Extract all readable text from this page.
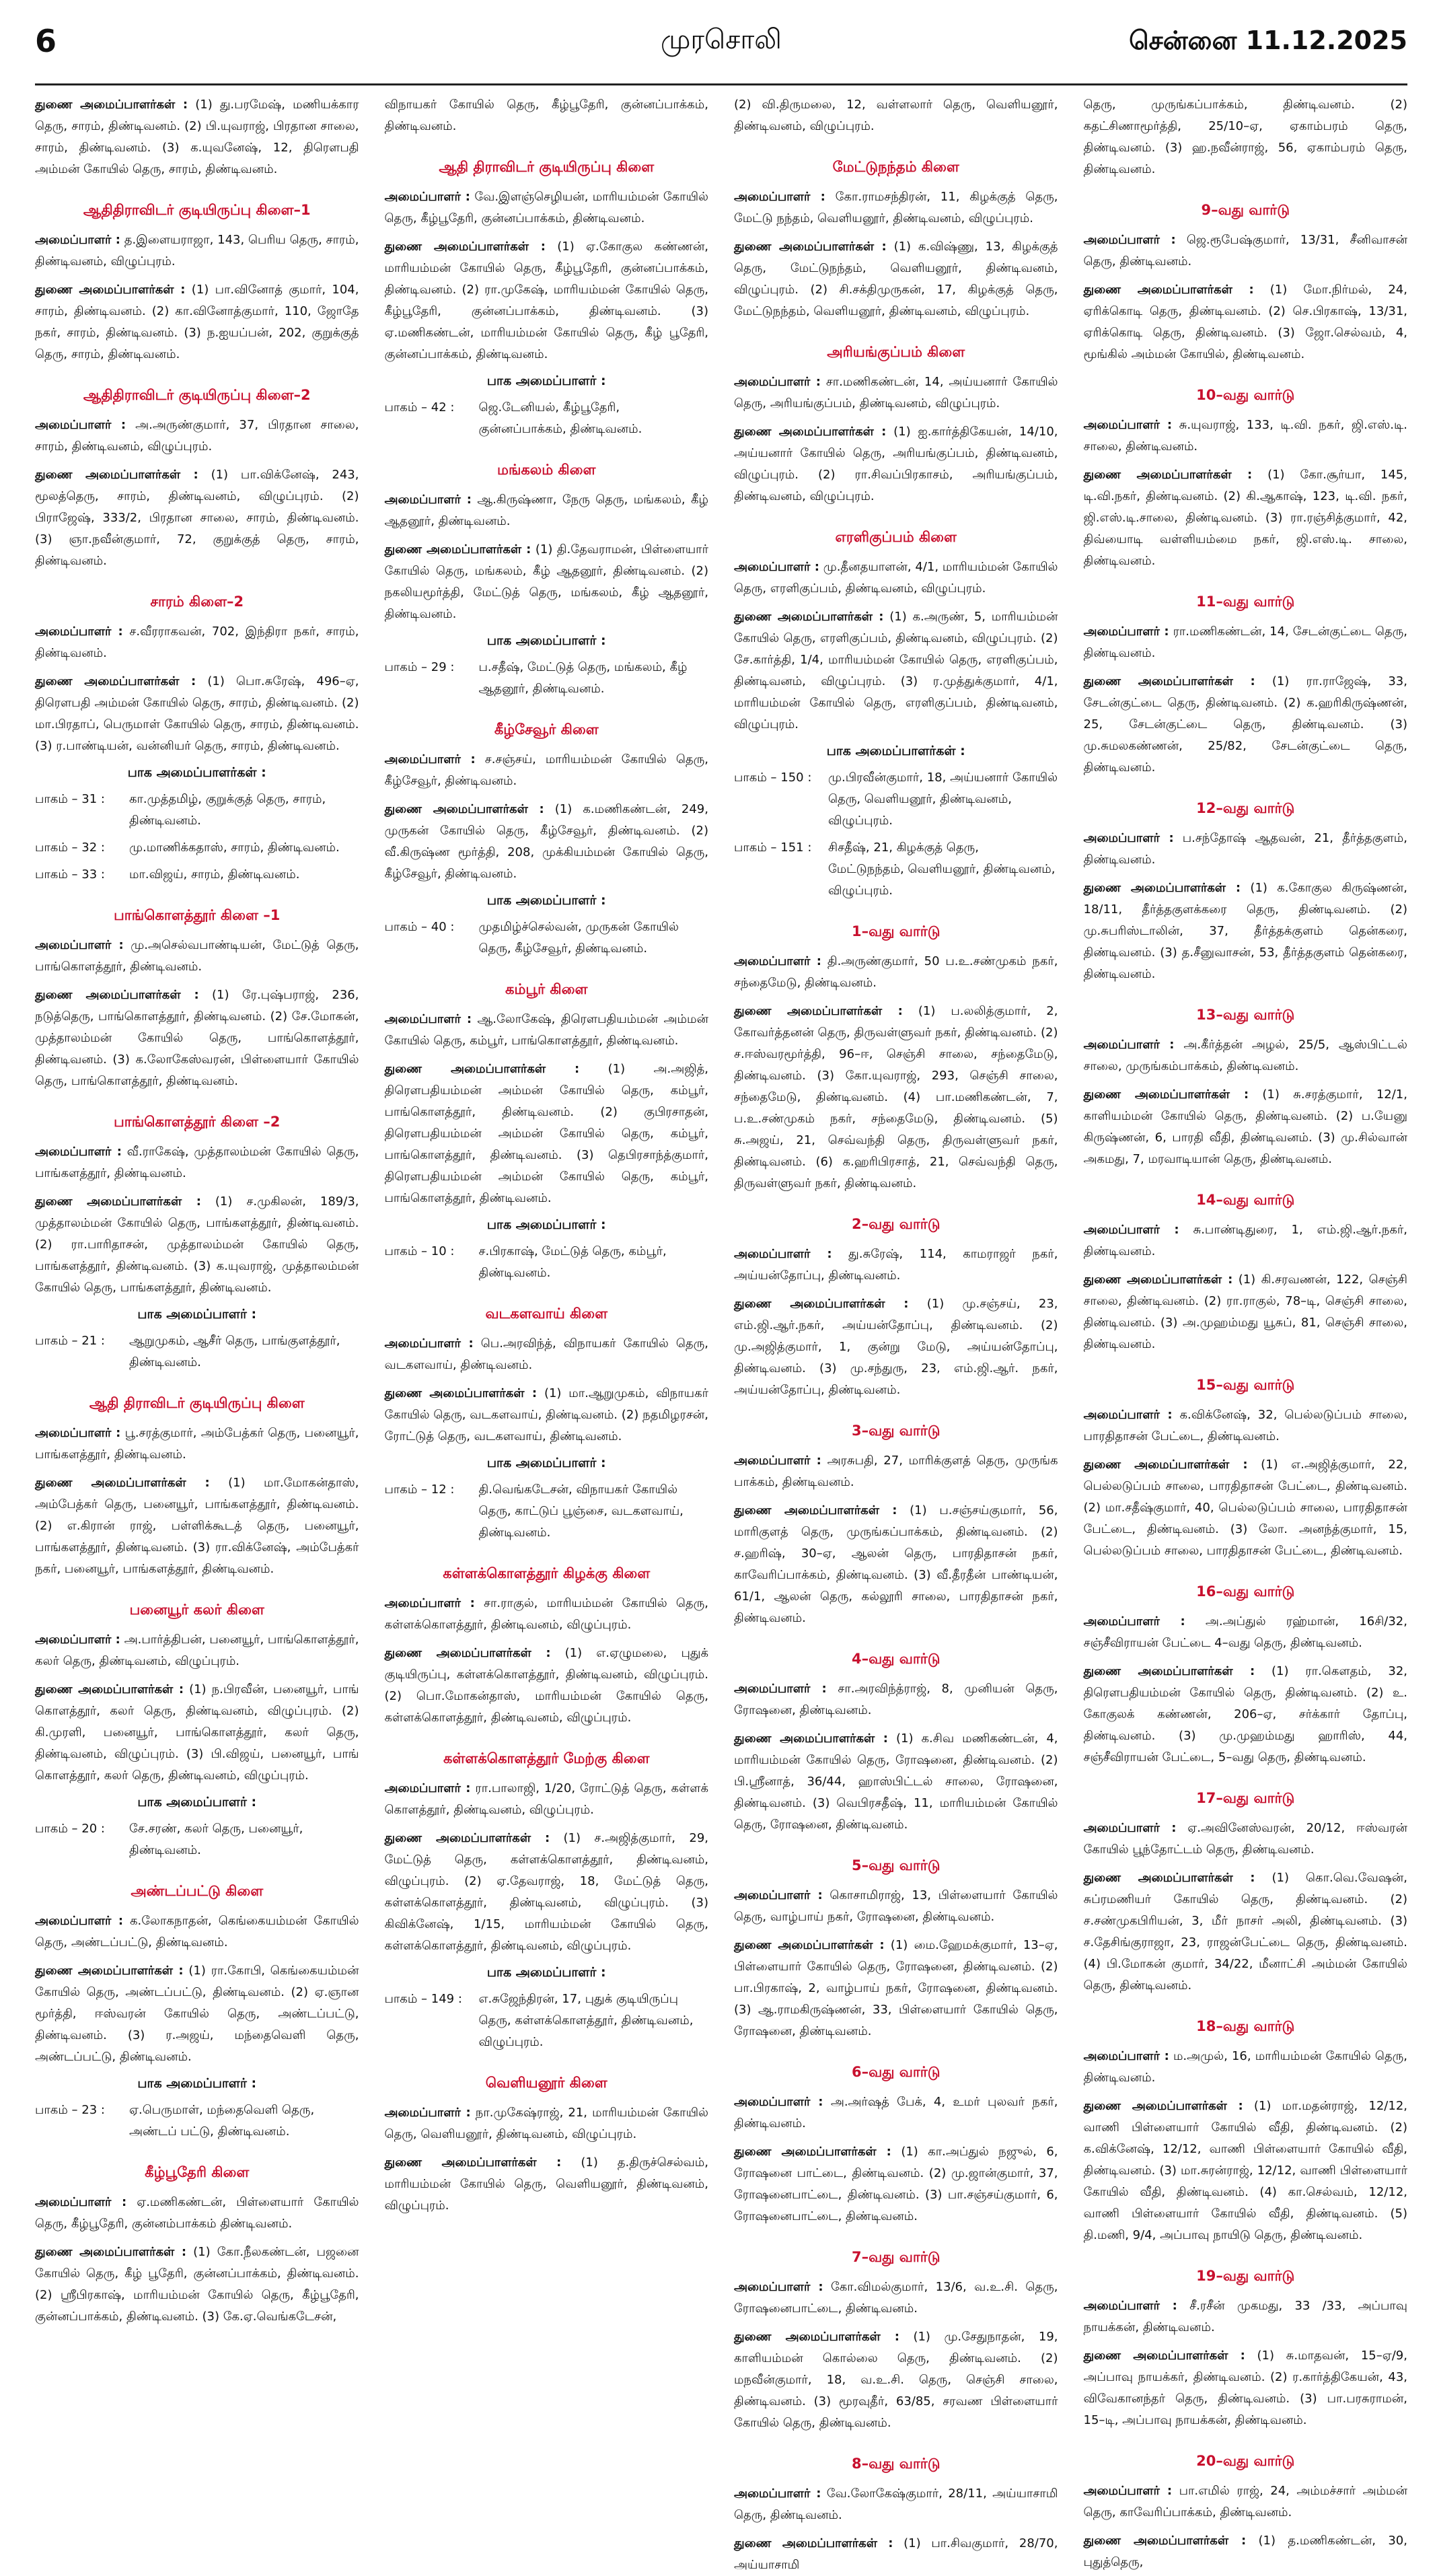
6	முரசொலி	சென்னை 11.12.2025

துணை அமைப்பாளர்கள் : (1) து.பரமேஷ், மணியக்கார தெரு, சாரம், திண்டிவனம். (2) பி.யுவராஜ், பிரதான சாலை, சாரம், திண்டிவனம். (3) க.யுவனேஷ், 12, திரௌபதி அம்மன் கோயில் தெரு, சாரம், திண்டிவனம்.

ஆதிதிராவிடர் குடியிருப்பு கிளை–1

அமைப்பாளர் : த.இளையராஜா, 143, பெரிய தெரு, சாரம், திண்டிவனம், விழுப்புரம்.

துணை அமைப்பாளர்கள் : (1) பா.வினோத் குமார், 104, சாரம், திண்டிவனம். (2) கா.வினோத்குமார், 110, ஜோதே நகர், சாரம், திண்டிவனம். (3) ந.ஐயப்பன், 202, குறுக்குத் தெரு, சாரம், திண்டிவனம்.

ஆதிதிராவிடர் குடியிருப்பு கிளை–2

அமைப்பாளர் : அ.அருண்குமார், 37, பிரதான சாலை, சாரம், திண்டிவனம், விழுப்புரம்.

துணை அமைப்பாளர்கள் : (1) பா.விக்னேஷ், 243, மூலத்தெரு, சாரம், திண்டிவனம், விழுப்புரம். (2) பிராஜேஷ், 333/2, பிரதான சாலை, சாரம், திண்டிவனம். (3) ஞா.நவீன்குமார், 72, குறுக்குத் தெரு, சாரம், திண்டிவனம்.

சாரம் கிளை–2

அமைப்பாளர் : ச.வீரராகவன், 702, இந்திரா நகர், சாரம், திண்டிவனம்.

துணை அமைப்பாளர்கள் : (1) பொ.சுரேஷ், 496–ஏ, திரௌபதி அம்மன் கோயில் தெரு, சாரம், திண்டிவனம். (2) மா.பிரதாப், பெருமாள் கோயில் தெரு, சாரம், திண்டிவனம். (3) ர.பாண்டியன், வன்னியர் தெரு, சாரம், திண்டிவனம்.

பாக அமைப்பாளர்கள் :
பாகம் – 31 :	கா.முத்தமிழ், குறுக்குத் தெரு, சாரம், திண்டிவனம்.
பாகம் – 32 :	மு.மாணிக்கதாஸ், சாரம், திண்டிவனம்.
பாகம் – 33 :	மா.விஜய், சாரம், திண்டிவனம்.
பாங்கொளத்தூர் கிளை –1

அமைப்பாளர் : மு.அசெல்வபாண்டியன், மேட்டுத் தெரு, பாங்கொளத்தூர், திண்டிவனம்.

துணை அமைப்பாளர்கள் : (1) ரே.புஷ்பராஜ், 236, நடுத்தெரு, பாங்கொளத்தூர், திண்டிவனம். (2) சே.மோகன், முத்தாலம்மன் கோயில் தெரு, பாங்கொளத்தூர், திண்டிவனம். (3) க.லோகேஸ்வரன், பிள்ளையார் கோயில் தெரு, பாங்கொளத்தூர், திண்டிவனம்.

பாங்கொளத்தூர் கிளை –2

அமைப்பாளர் : வீ.ராகேஷ், முத்தாலம்மன் கோயில் தெரு, பாங்களத்தூர், திண்டிவனம்.

துணை அமைப்பாளர்கள் : (1) ச.முகிலன், 189/3, முத்தாலம்மன் கோயில் தெரு, பாங்களத்தூர், திண்டிவனம். (2) ரா.பாரிதாசன், முத்தாலம்மன் கோயில் தெரு, பாங்களத்தூர், திண்டிவனம். (3) க.யுவராஜ், முத்தாலம்மன் கோயில் தெரு, பாங்களத்தூர், திண்டிவனம்.

பாக அமைப்பாளர் :
பாகம் – 21 :	ஆறுமுகம், ஆசீர் தெரு, பாங்குளத்தூர், திண்டிவனம்.
ஆதி திராவிடர் குடியிருப்பு கிளை

அமைப்பாளர் : பூ.சரத்குமார், அம்பேத்கர் தெரு, பனையூர், பாங்களத்தூர், திண்டிவனம்.

துணை அமைப்பாளர்கள் : (1) மா.மோகன்தாஸ், அம்பேத்கர் தெரு, பனையூர், பாங்களத்தூர், திண்டிவனம். (2) எ.கிரான் ராஜ், பள்ளிக்கூடத் தெரு, பனையூர், பாங்களத்தூர், திண்டிவனம். (3) ரா.விக்னேஷ், அம்பேத்கர் நகர், பனையூர், பாங்களத்தூர், திண்டிவனம்.

பனையூர் கலர் கிளை

அமைப்பாளர் : அ.பார்த்திபன், பனையூர், பாங்கொளத்தூர், கலர் தெரு, திண்டிவனம், விழுப்புரம்.

துணை அமைப்பாளர்கள் : (1) ந.பிரவீன், பனையூர், பாங் கொளத்தூர், கலர் தெரு, திண்டிவனம், விழுப்புரம். (2) கி.முரளி, பனையூர், பாங்கொளத்தூர், கலர் தெரு, திண்டிவனம், விழுப்புரம். (3) பி.விஜய், பனையூர், பாங் கொளத்தூர், கலர் தெரு, திண்டிவனம், விழுப்புரம்.

பாக அமைப்பாளர் :
பாகம் – 20 :	சே.சரண், கலர் தெரு, பனையூர், திண்டிவனம்.
அண்டப்பட்டு கிளை

அமைப்பாளர் : க.லோகநாதன், கெங்கையம்மன் கோயில் தெரு, அண்டப்பட்டு, திண்டிவனம்.

துணை அமைப்பாளர்கள் : (1) ரா.கோபி, கெங்கையம்மன் கோயில் தெரு, அண்டப்பட்டு, திண்டிவனம். (2) ஏ.ஞான மூர்த்தி, ஈஸ்வரன் கோயில் தெரு, அண்டப்பட்டு, திண்டிவனம். (3) ர.அஜய், மந்தைவெளி தெரு, அண்டப்பட்டு, திண்டிவனம்.

பாக அமைப்பாளர் :
பாகம் – 23 :	ஏ.பெருமாள், மந்தைவெளி தெரு, அண்டப் பட்டு, திண்டிவனம்.
கீழ்பூதேரி கிளை

அமைப்பாளர் : ஏ.மணிகண்டன், பிள்ளையார் கோயில் தெரு, கீழ்பூதேரி, குன்னம்பாக்கம் திண்டிவனம்.

துணை அமைப்பாளர்கள் : (1) கோ.நீலகண்டன், பஜனை கோயில் தெரு, கீழ் பூதேரி, குன்னப்பாக்கம், திண்டிவனம். (2) ஸ்ரீபிரகாஷ், மாரியம்மன் கோயில் தெரு, கீழ்பூதேரி, குன்னப்பாக்கம், திண்டிவனம். (3) கே.ஏ.வெங்கடேசன்,

விநாயகர் கோயில் தெரு, கீழ்பூதேரி, குன்னப்பாக்கம், திண்டிவனம்.

ஆதி திராவிடர் குடியிருப்பு கிளை

அமைப்பாளர் : வே.இளஞ்செழியன், மாரியம்மன் கோயில் தெரு, கீழ்பூதேரி, குன்னப்பாக்கம், திண்டிவனம்.

துணை அமைப்பாளர்கள் : (1) ஏ.கோகுல கண்ணன், மாரியம்மன் கோயில் தெரு, கீழ்பூதேரி, குன்னப்பாக்கம், திண்டிவனம். (2) ரா.முகேஷ், மாரியம்மன் கோயில் தெரு, கீழ்பூதேரி, குன்னப்பாக்கம், திண்டிவனம். (3) ஏ.மணிகண்டன், மாரியம்மன் கோயில் தெரு, கீழ் பூதேரி, குன்னப்பாக்கம், திண்டிவனம்.

பாக அமைப்பாளர் :
பாகம் – 42 :	ஜெ.டேனியல், கீழ்பூதேரி, குன்னப்பாக்கம், திண்டிவனம்.
மங்கலம் கிளை

அமைப்பாளர் : ஆ.கிருஷ்ணா, நேரு தெரு, மங்கலம், கீழ் ஆதனூர், திண்டிவனம்.

துணை அமைப்பாளர்கள் : (1) தி.தேவராமன், பிள்ளையார் கோயில் தெரு, மங்கலம், கீழ் ஆதனூர், திண்டிவனம். (2) நகலியமூர்த்தி, மேட்டுத் தெரு, மங்கலம், கீழ் ஆதனூர், திண்டிவனம்.

பாக அமைப்பாளர் :
பாகம் – 29 :	ப.சதீஷ், மேட்டுத் தெரு, மங்கலம், கீழ் ஆதனூர், திண்டிவனம்.
கீழ்சேவூர் கிளை

அமைப்பாளர் : ச.சஞ்சய், மாரியம்மன் கோயில் தெரு, கீழ்சேவூர், திண்டிவனம்.

துணை அமைப்பாளர்கள் : (1) க.மணிகண்டன், 249, முருகன் கோயில் தெரு, கீழ்சேவூர், திண்டிவனம். (2) வீ.கிருஷ்ண மூர்த்தி, 208, முக்கியம்மன் கோயில் தெரு, கீழ்சேவூர், திண்டிவனம்.

பாக அமைப்பாளர் :
பாகம் – 40 :	முதமிழ்ச்செல்வன், முருகன் கோயில் தெரு, கீழ்சேவூர், திண்டிவனம்.
கம்பூர் கிளை

அமைப்பாளர் : ஆ.லோகேஷ், திரௌபதியம்மன் அம்மன் கோயில் தெரு, கம்பூர், பாங்கொளத்தூர், திண்டிவனம்.

துணை அமைப்பாளர்கள் : (1) அ.அஜித், திரௌபதியம்மன் அம்மன் கோயில் தெரு, கம்பூர், பாங்கொளத்தூர், திண்டிவனம். (2) குபிரசாதன், திரௌபதியம்மன் அம்மன் கோயில் தெரு, கம்பூர், பாங்கொளத்தூர், திண்டிவனம். (3) தெபிரசாந்த்குமார், திரௌபதியம்மன் அம்மன் கோயில் தெரு, கம்பூர், பாங்கொளத்தூர், திண்டிவனம்.

பாக அமைப்பாளர் :
பாகம் – 10 :	ச.பிரகாஷ், மேட்டுத் தெரு, கம்பூர், திண்டிவனம்.
வடகளவாய் கிளை

அமைப்பாளர் : பெ.அரவிந்த், விநாயகர் கோயில் தெரு, வடகளவாய், திண்டிவனம்.

துணை அமைப்பாளர்கள் : (1) மா.ஆறுமுகம், விநாயகர் கோயில் தெரு, வடகளவாய், திண்டிவனம். (2) நதமிழரசன், ரோட்டுத் தெரு, வடகளவாய், திண்டிவனம்.

பாக அமைப்பாளர் :
பாகம் – 12 :	தி.வெங்கடேசன், விநாயகர் கோயில் தெரு, காட்டுப் பூஞ்சை, வடகளவாய், திண்டிவனம்.
கள்ளக்கொளத்தூர் கிழக்கு கிளை

அமைப்பாளர் : சா.ராகுல், மாரியம்மன் கோயில் தெரு, கள்ளக்கொளத்தூர், திண்டிவனம், விழுப்புரம்.

துணை அமைப்பாளர்கள் : (1) எ.ஏழுமலை, புதுக் குடியிருப்பு, கள்ளக்கொளத்தூர், திண்டிவனம், விழுப்புரம். (2) பொ.மோகன்தாஸ், மாரியம்மன் கோயில் தெரு, கள்ளக்கொளத்தூர், திண்டிவனம், விழுப்புரம்.

கள்ளக்கொளத்தூர் மேற்கு கிளை

அமைப்பாளர் : ரா.பாலாஜி, 1/20, ரோட்டுத் தெரு, கள்ளக் கொளத்தூர், திண்டிவனம், விழுப்புரம்.

துணை அமைப்பாளர்கள் : (1) ச.அஜித்குமார், 29, மேட்டுத் தெரு, கள்ளக்கொளத்தூர், திண்டிவனம், விழுப்புரம். (2) ஏ.தேவராஜ், 18, மேட்டுத் தெரு, கள்ளக்கொளத்தூர், திண்டிவனம், விழுப்புரம். (3) கிவிக்னேஷ், 1/15, மாரியம்மன் கோயில் தெரு, கள்ளக்கொளத்தூர், திண்டிவனம், விழுப்புரம்.

பாக அமைப்பாளர் :
பாகம் – 149 :	எ.சுஜேந்திரன், 17, புதுக் குடியிருப்பு தெரு, கள்ளக்கொளத்தூர், திண்டிவனம், விழுப்புரம்.
வெளியனூர் கிளை

அமைப்பாளர் : நா.முகேஷ்ராஜ், 21, மாரியம்மன் கோயில் தெரு, வெளியனூர், திண்டிவனம், விழுப்புரம்.

துணை அமைப்பாளர்கள் : (1) த.திருச்செல்வம், மாரியம்மன் கோயில் தெரு, வெளியனூர், திண்டிவனம், விழுப்புரம்.

(2) வி.திருமலை, 12, வள்ளலார் தெரு, வெளியனூர், திண்டிவனம், விழுப்புரம்.

மேட்டுநந்தம் கிளை

அமைப்பாளர் : கோ.ராமசந்திரன், 11, கிழக்குத் தெரு, மேட்டு நந்தம், வெளியனூர், திண்டிவனம், விழுப்புரம்.

துணை அமைப்பாளர்கள் : (1) க.விஷ்ணு, 13, கிழக்குத் தெரு, மேட்டுநந்தம், வெளியனூர், திண்டிவனம், விழுப்புரம். (2) சி.சக்திமுருகன், 17, கிழக்குத் தெரு, மேட்டுநந்தம், வெளியனூர், திண்டிவனம், விழுப்புரம்.

அரியங்குப்பம் கிளை

அமைப்பாளர் : சா.மணிகண்டன், 14, அய்யனார் கோயில் தெரு, அரியங்குப்பம், திண்டிவனம், விழுப்புரம்.

துணை அமைப்பாளர்கள் : (1) ஐ.கார்த்திகேயன், 14/10, அய்யனார் கோயில் தெரு, அரியங்குப்பம், திண்டிவனம், விழுப்புரம். (2) ரா.சிவப்பிரகாசம், அரியங்குப்பம், திண்டிவனம், விழுப்புரம்.

எரளிகுப்பம் கிளை

அமைப்பாளர் : மு.தீனதயாளன், 4/1, மாரியம்மன் கோயில் தெரு, எரளிகுப்பம், திண்டிவனம், விழுப்புரம்.

துணை அமைப்பாளர்கள் : (1) க.அருண், 5, மாரியம்மன் கோயில் தெரு, எரளிகுப்பம், திண்டிவனம், விழுப்புரம். (2) சே.கார்த்தி, 1/4, மாரியம்மன் கோயில் தெரு, எரளிகுப்பம், திண்டிவனம், விழுப்புரம். (3) ர.முத்துக்குமார், 4/1, மாரியம்மன் கோயில் தெரு, எரளிகுப்பம், திண்டிவனம், விழுப்புரம்.

பாக அமைப்பாளர்கள் :
பாகம் – 150 :	மு.பிரவீன்குமார், 18, அய்யனார் கோயில் தெரு, வெளியனூர், திண்டிவனம், விழுப்புரம்.
பாகம் – 151 :	சிசதீஷ், 21, கிழக்குத் தெரு, மேட்டுநந்தம், வெளியனூர், திண்டிவனம், விழுப்புரம்.
1–வது வார்டு

அமைப்பாளர் : தி.அருண்குமார், 50 ப.உ.சண்முகம் நகர், சந்தைமேடு, திண்டிவனம்.

துணை அமைப்பாளர்கள் : (1) ப.லலித்குமார், 2, கோவர்த்தனன் தெரு, திருவள்ளுவர் நகர், திண்டிவனம். (2) ச.ஈஸ்வரமூர்த்தி, 96–ஈ, செஞ்சி சாலை, சந்தைமேடு, திண்டிவனம். (3) கோ.யுவராஜ், 293, செஞ்சி சாலை, சந்தைமேடு, திண்டிவனம். (4) பா.மணிகண்டன், 7, ப.உ.சண்முகம் நகர், சந்தைமேடு, திண்டிவனம். (5) சு.அஜய், 21, செவ்வந்தி தெரு, திருவள்ளுவர் நகர், திண்டிவனம். (6) க.ஹரிபிரசாத், 21, செவ்வந்தி தெரு, திருவள்ளுவர் நகர், திண்டிவனம்.

2–வது வார்டு

அமைப்பாளர் : து.சுரேஷ், 114, காமராஜர் நகர், அய்யன்தோப்பு, திண்டிவனம்.

துணை அமைப்பாளர்கள் : (1) மு.சஞ்சய், 23, எம்.ஜி.ஆர்.நகர், அய்யன்தோப்பு, திண்டிவனம். (2) மு.அஜித்குமார், 1, குன்று மேடு, அய்யன்தோப்பு, திண்டிவனம். (3) மு.சந்துரு, 23, எம்.ஜி.ஆர். நகர், அய்யன்தோப்பு, திண்டிவனம்.

3–வது வார்டு

அமைப்பாளர் : அரசுபதி, 27, மாரிக்குளத் தெரு, முருங்க பாக்கம், திண்டிவனம்.

துணை அமைப்பாளர்கள் : (1) ப.சஞ்சய்குமார், 56, மாரிகுளத் தெரு, முருங்கப்பாக்கம், திண்டிவனம். (2) ச.ஹரிஷ், 30–ஏ, ஆலன் தெரு, பாரதிதாசன் நகர், காவேரிப்பாக்கம், திண்டிவனம். (3) வீ.தீரதீன் பாண்டியன், 61/1, ஆலன் தெரு, கல்லூரி சாலை, பாரதிதாசன் நகர், திண்டிவனம்.

4–வது வார்டு

அமைப்பாளர் : சா.அரவிந்த்ராஜ், 8, முனியன் தெரு, ரோஷனை, திண்டிவனம்.

துணை அமைப்பாளர்கள் : (1) க.சிவ மணிகண்டன், 4, மாரியம்மன் கோயில் தெரு, ரோஷனை, திண்டிவனம். (2) பி.ஸ்ரீனாத், 36/44, ஹாஸ்பிட்டல் சாலை, ரோஷனை, திண்டிவனம். (3) வெபிரசதீஷ், 11, மாரியம்மன் கோயில் தெரு, ரோஷனை, திண்டிவனம்.

5–வது வார்டு

அமைப்பாளர் : கொசாமிராஜ், 13, பிள்ளையார் கோயில் தெரு, வாழ்பாய் நகர், ரோஷனை, திண்டிவனம்.

துணை அமைப்பாளர்கள் : (1) மை.ஹேமக்குமார், 13–ஏ, பிள்ளையார் கோயில் தெரு, ரோஷனை, திண்டிவனம். (2) பா.பிரகாஷ், 2, வாழ்பாய் நகர், ரோஷனை, திண்டிவனம். (3) ஆ.ராமகிருஷ்ணன், 33, பிள்ளையார் கோயில் தெரு, ரோஷனை, திண்டிவனம்.

6–வது வார்டு

அமைப்பாளர் : அ.அர்ஷத் பேக், 4, உமர் புலவர் நகர், திண்டிவனம்.

துணை அமைப்பாளர்கள் : (1) கா.அப்துல் நஜுல், 6, ரோஷனை பாட்டை, திண்டிவனம். (2) மு.ஜான்குமார், 37, ரோஷனைபாட்டை, திண்டிவனம். (3) பா.சஞ்சய்குமார், 6, ரோஷனைபாட்டை, திண்டிவனம்.

7–வது வார்டு

அமைப்பாளர் : கோ.விமல்குமார், 13/6, வ.உ.சி. தெரு, ரோஷனைபாட்டை, திண்டிவனம்.

துணை அமைப்பாளர்கள் : (1) மு.சேதுநாதன், 19, காளியம்மன் கொல்லை தெரு, திண்டிவனம். (2) மநவீன்குமார், 18, வ.உ.சி. தெரு, செஞ்சி சாலை, திண்டிவனம். (3) மூரவுதீர், 63/85, சரவண பிள்ளையார் கோயில் தெரு, திண்டிவனம்.

8–வது வார்டு

அமைப்பாளர் : வே.லோகேஷ்குமார், 28/11, அய்யாசாமி தெரு, திண்டிவனம்.

துணை அமைப்பாளர்கள் : (1) பா.சிவகுமார், 28/70, அய்யாசாமி

தெரு, முருங்கப்பாக்கம், திண்டிவனம். (2) கதட்சிணாமூர்த்தி, 25/10–ஏ, ஏகாம்பரம் தெரு, திண்டிவனம். (3) ஹ.நவீன்ராஜ், 56, ஏகாம்பரம் தெரு, திண்டிவனம்.

9–வது வார்டு

அமைப்பாளர் : ஜெ.ரூபேஷ்குமார், 13/31, சீனிவாசன் தெரு, திண்டிவனம்.

துணை அமைப்பாளர்கள் : (1) மோ.நிர்மல், 24, ஏரிக்கொடி தெரு, திண்டிவனம். (2) செ.பிரகாஷ், 13/31, ஏரிக்கொடி தெரு, திண்டிவனம். (3) ஜோ.செல்வம், 4, மூங்கில் அம்மன் கோயில், திண்டிவனம்.

10–வது வார்டு

அமைப்பாளர் : சு.யுவராஜ், 133, டி.வி. நகர், ஜி.எஸ்.டி. சாலை, திண்டிவனம்.

துணை அமைப்பாளர்கள் : (1) கோ.சூர்யா, 145, டி.வி.நகர், திண்டிவனம். (2) கி.ஆகாஷ், 123, டி.வி. நகர், ஜி.எஸ்.டி.சாலை, திண்டிவனம். (3) ரா.ரஞ்சித்குமார், 42, திவ்யைாடி வள்ளியம்மை நகர், ஜி.எஸ்.டி. சாலை, திண்டிவனம்.

11–வது வார்டு

அமைப்பாளர் : ரா.மணிகண்டன், 14, சேடன்குட்டை தெரு, திண்டிவனம்.

துணை அமைப்பாளர்கள் : (1) ரா.ராஜேஷ், 33, சேடன்குட்டை தெரு, திண்டிவனம். (2) க.ஹரிகிருஷ்ணன், 25, சேடன்குட்டை தெரு, திண்டிவனம். (3) மு.சுமலகண்ணன், 25/82, சேடன்குட்டை தெரு, திண்டிவனம்.

12–வது வார்டு

அமைப்பாளர் : ப.சந்தோஷ் ஆதவன், 21, தீர்த்தகுளம், திண்டிவனம்.

துணை அமைப்பாளர்கள் : (1) க.கோகுல கிருஷ்ணன், 18/11, தீர்த்தகுளக்கரை தெரு, திண்டிவனம். (2) மு.சுபரிஸ்டாலின், 37, தீர்த்தக்குளம் தென்கரை, திண்டிவனம். (3) த.சீனுவாசன், 53, தீர்த்தகுளம் தென்கரை, திண்டிவனம்.

13–வது வார்டு

அமைப்பாளர் : அ.கீர்த்தன் அழல், 25/5, ஆஸ்பிட்டல் சாலை, முருங்கம்பாக்கம், திண்டிவனம்.

துணை அமைப்பாளர்கள் : (1) சு.சரத்குமார், 12/1, காளியம்மன் கோயில் தெரு, திண்டிவனம். (2) ப.யேனு கிருஷ்ணன், 6, பாரதி வீதி, திண்டிவனம். (3) மு.சில்வான் அகமது, 7, மரவாடியான் தெரு, திண்டிவனம்.

14–வது வார்டு

அமைப்பாளர் : சு.பாண்டிதுரை, 1, எம்.ஜி.ஆர்.நகர், திண்டிவனம்.

துணை அமைப்பாளர்கள் : (1) கி.சரவணன், 122, செஞ்சி சாலை, திண்டிவனம். (2) ரா.ராகுல், 78–டி, செஞ்சி சாலை, திண்டிவனம். (3) அ.முஹம்மது யூசுப், 81, செஞ்சி சாலை, திண்டிவனம்.

15–வது வார்டு

அமைப்பாளர் : க.விக்னேஷ், 32, பெல்லடுப்பம் சாலை, பாரதிதாசன் பேட்டை, திண்டிவனம்.

துணை அமைப்பாளர்கள் : (1) எ.அஜித்குமார், 22, பெல்லடுப்பம் சாலை, பாரதிதாசன் பேட்டை, திண்டிவனம். (2) மா.சதீஷ்குமார், 40, பெல்லடுப்பம் சாலை, பாரதிதாசன் பேட்டை, திண்டிவனம். (3) லோ. அனந்த்குமார், 15, பெல்லடுப்பம் சாலை, பாரதிதாசன் பேட்டை, திண்டிவனம்.

16–வது வார்டு

அமைப்பாளர் : அ.அப்துல் ரஹ்மான், 16சி/32, சஞ்சீவிராயன் பேட்டை 4–வது தெரு, திண்டிவனம்.

துணை அமைப்பாளர்கள் : (1) ரா.கௌதம், 32, திரௌபதியம்மன் கோயில் தெரு, திண்டிவனம். (2) உ. கோகுலக் கண்ணன், 206–ஏ, சர்க்கார் தோப்பு, திண்டிவனம். (3) மு.முஹம்மது ஹாரிஸ், 44, சஞ்சீவிராயன் பேட்டை, 5–வது தெரு, திண்டிவனம்.

17–வது வார்டு

அமைப்பாளர் : ஏ.அவினேஸ்வரன், 20/12, ஈஸ்வரன் கோயில் பூந்தோட்டம் தெரு, திண்டிவனம்.

துணை அமைப்பாளர்கள் : (1) கொ.வெ.வேஷன், சுப்ரமணியர் கோயில் தெரு, திண்டிவனம். (2) ச.சண்முகபிரியன், 3, மீர் நாசர் அலி, திண்டிவனம். (3) ச.தேசிங்குராஜா, 23, ராஜன்பேட்டை தெரு, திண்டிவனம். (4) பி.மோகன் குமார், 34/22, மீனாட்சி அம்மன் கோயில் தெரு, திண்டிவனம்.

18–வது வார்டு

அமைப்பாளர் : ம.அமுல், 16, மாரியம்மன் கோயில் தெரு, திண்டிவனம்.

துணை அமைப்பாளர்கள் : (1) மா.மதன்ராஜ், 12/12, வாணி பிள்ளையார் கோயில் வீதி, திண்டிவனம். (2) க.விக்னேஷ், 12/12, வாணி பிள்ளையார் கோயில் வீதி, திண்டிவனம். (3) மா.சுரன்ராஜ், 12/12, வாணி பிள்ளையார் கோயில் வீதி, திண்டிவனம். (4) கா.செல்வம், 12/12, வாணி பிள்ளையார் கோயில் வீதி, திண்டிவனம். (5) தி.மணி, 9/4, அப்பாவு நாயிடு தெரு, திண்டிவனம்.

19–வது வார்டு

அமைப்பாளர் : சீ.ரசீன் முகமது, 33 /33, அப்பாவு நாயக்கன், திண்டிவனம்.

துணை அமைப்பாளர்கள் : (1) சு.மாதவன், 15–ஏ/9, அப்பாவு நாயக்கர், திண்டிவனம். (2) ர.கார்த்திகேயன், 43, விவேகானந்தர் தெரு, திண்டிவனம். (3) பா.பரசுராமன், 15–டி, அப்பாவு நாயக்கன், திண்டிவனம்.

20–வது வார்டு

அமைப்பாளர் : பா.எமில் ராஜ், 24, அம்மச்சார் அம்மன் தெரு, காவேரிப்பாக்கம், திண்டிவனம்.

துணை அமைப்பாளர்கள் : (1) த.மணிகண்டன், 30, புதுத்தெரு,
